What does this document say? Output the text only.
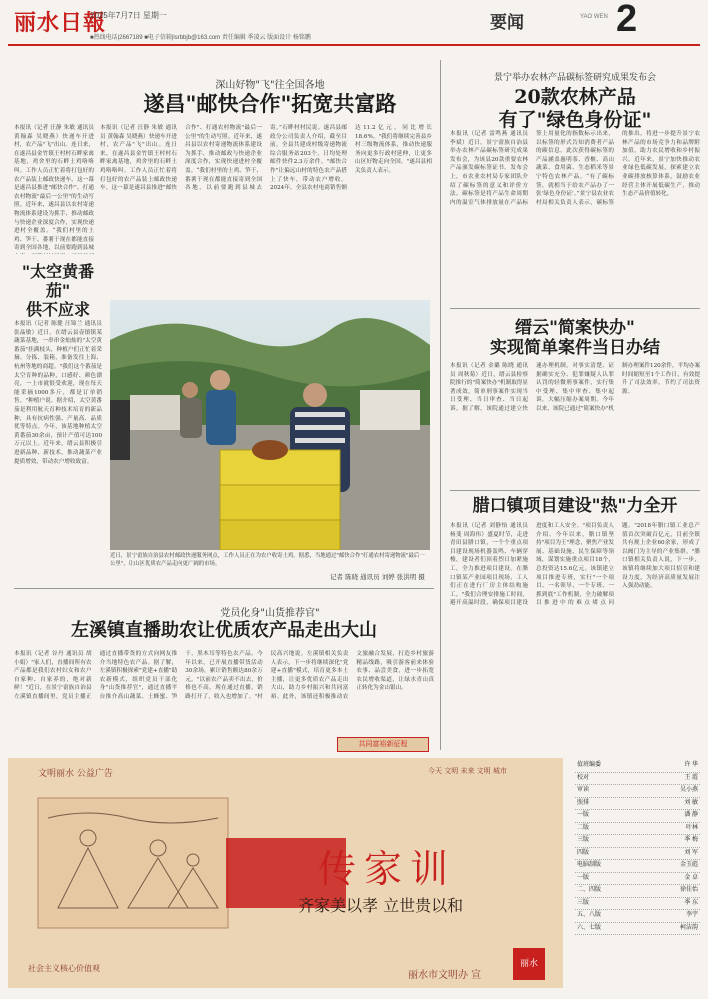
丽水日報
2025年7月7日 星期一	要闻	YAO WEN 2
■热线电话|2667189 ■电子信箱|lsrbbjb@163.com 责任编辑 季凌云 版面设计 杨铭鹏
深山好物"飞"往全国各地
遂昌"邮快合作"拓宽共富路
本报讯（记者 汪静 朱敏 通讯员 黄翰森 吴晓燕）快递车开进村，农产品"飞"出山。连日来，在遂昌县金竹镇王村村石畔家禽基地，鸡舍里的石畔土鸡咯咯叫。工作人员正忙着将打包好的农产品装上邮政快递车。这一幕是遂昌县推进"邮快合作"、打通农村物流"最后一公里"的生动写照。近年来，遂昌县以农村寄递物流体系建设为抓手，推动邮政与快递企业深度合作，实现快递进村全覆盖。“我们村里的土鸡、笋干、番薯干现在都能直接寄到全国各地，以前要跑到县城去寄。”石畔村村民说。遂昌县邮政分公司负责人介绍，截至目前，全县共建成村级寄递物流综合服务站203个，日均处理邮件快件2.3万余件。"邮快合作"让偏远山村的特色农产品搭上了快车，带动农户增收。2024年，全县农村电商销售额达11.2亿元，同比增长18.6%。"我们将继续完善县乡村三级物流体系，推动快递服务向更多行政村延伸，让更多山区好物走向全国。"遂昌县相关负责人表示。
"太空黄番茄"
供不应求
本报讯（记者 陈健 汪锦兰 通讯员 张晶敏）近日，在缙云县壶镇镇某蔬菜基地，一串串金灿灿的"太空黄番茄"挂满枝头，种植户们正忙着采摘、分拣、装箱，准备发往上海、杭州等地的商超。"我们这个番茄是太空育种的品种，口感好、颜色漂亮，一上市就很受欢迎，现在每天能采摘1000多斤，都是订单销售。"种植户说。据介绍，太空黄番茄是利用航天育种技术培育的新品种，具有抗病性强、产量高、品质优等特点。今年，该基地种植太空黄番茄30余亩，预计产值可达100万元以上。近年来，缙云县积极引进新品种、新技术，推动蔬菜产业提质增效，带动农户增收致富。
本报讯（记者 汪静 朱敏 通讯员 黄翰森 吴晓燕）快递车开进村，农产品"飞"出山。连日来，在遂昌县金竹镇王村村石畔家禽基地，鸡舍里的石畔土鸡咯咯叫。工作人员正忙着将打包好的农产品装上邮政快递车。这一幕是遂昌县推进"邮快合作"、打通农村物流"最后一公里"的生动写照。近年来，遂昌县以农村寄递物流体系建设为抓手，推动邮政与快递企业深度合作，实现快递进村全覆盖。“我们村里的土鸡、笋干、番薯干现在都能直接寄到全国各地，以前要跑到县城
近日，景宁畲族自治县农村邮政快递服务网点，工作人员正在为农户收寄土鸡。据悉，当地通过"邮快合作"打通农村寄递物流"最后一公里"，让山区优质农产品走向更广阔的市场。
记者 陈晓 通讯员 刘婷 张洪明 摄
党员化身"山货推荐官"
左溪镇直播助农让优质农产品走出大山
本报讯（记者 谷丹 通讯员 胡小娟）"家人们，直播间所有农产品都是我们农村妇女和农户自家种、自家养的，绝对新鲜！"近日，在景宁畲族自治县左溪镇直播间里，党员主播正通过直播带货的方式向网友推介当地特色农产品。据了解，左溪镇积极探索"党建+直播"助农新模式，组织党员干部化身"山货推荐官"，通过直播平台推介高山蔬菜、土蜂蜜、笋干、黑木耳等特色农产品。今年以来，已开展直播带货活动30余场，累计销售额达80余万元。"以前农产品卖不出去，价格也不高，现在通过直播，销路打开了，收入也增加了。"村民高兴地说。左溪镇相关负责人表示，下一步将继续深化"党建+直播"模式，培育更多本土主播，让更多优质农产品走出大山，助力乡村振兴和共同富裕。此外，该镇还积极推动农文旅融合发展，打造乡村旅游精品线路，吸引游客前来体验农事、品尝美食，进一步拓宽农民增收渠道，让绿水青山真正转化为金山银山。
共同富裕新征程
景宁举办农林产品碳标签研究成果发布会
20款农林产品
有了"绿色身份证"
本报讯（记者 雷鸣燕 通讯员 李斌）近日，景宁畲族自治县举办农林产品碳标签研究成果发布会，为该县20款重要农林产品颁发碳标签证书。发布会上，市农业农村局专家团队介绍了碳标签的意义和评价方法。碳标签是将产品生命周期内的温室气体排放量在产品标签上用量化的指数标示出来，以标签的形式告知消费者产品的碳信息。此次获得碳标签的产品涵盖惠明茶、香榧、高山蔬菜、食用菌、生态稻米等景宁特色农林产品。“有了碳标签，就相当于给农产品办了一张'绿色身份证'。”景宁县农业农村局相关负责人表示，碳标签的推出，将进一步提升景宁农林产品的市场竞争力和品牌附加值，助力农民增收和乡村振兴。近年来，景宁加快推动农业绿色低碳发展，探索建立农业碳排放核算体系，鼓励农业经营主体开展低碳生产，推动生态产品价值转化。
缙云"简案快办"
实现简单案件当日办结
本报讯（记者 金璐 陈晓 通讯员 周秋菊）近日，缙云县检察院推行的"简案快办"机制取得显著成效，简单刑事案件实现当日受理、当日审查、当日起诉。据了解，该院通过建立快速办理机制，对事实清楚、证据确实充分、犯罪嫌疑人认罪认罚的轻微刑事案件，实行集中受理、集中审查、集中起诉，大幅压缩办案周期。今年以来，该院已通过"简案快办"机制办理案件120余件，平均办案时间缩短至1个工作日，有效提升了司法效率，节约了司法资源。
腊口镇项目建设"热"力全开
本报讯（记者 刘静怡 通讯员 杨斐 周海伟）盛夏时节，走进青田县腊口镇，一个个重点项目建设现场机器轰鸣、车辆穿梭，建设者们顶着烈日加紧施工，全力推进项目建设。在腊口镇某产业园项目现场，工人们正在进行厂房主体结构施工。"我们合理安排施工时间，避开高温时段，确保项目建设进度和工人安全。"项目负责人介绍。今年以来，腊口镇坚持"项目为王"理念，聚焦产业发展、基础设施、民生保障等领域，谋划实施重点项目18个，总投资达15.6亿元。该镇建立项目推进专班，实行"一个项目、一名领导、一个专班、一抓到底"工作机制，全力破解项目推进中的难点堵点问题。"2018年腊口镇工业总产值首次突破百亿元，目前全镇共有规上企业60余家，形成了以阀门为主导的产业集群。"腊口镇相关负责人说，下一步，该镇将继续加大项目招引和建设力度，为经济高质量发展注入强劲动能。
文明丽水 公益广告	今天 文明 未来 文明 城市
传家训
齐家美以孝 立世贵以和
社会主义核心价值观
丽水市文明办 宣
丽水
值班编委	许 华
校对	王 霞
审读	吴小燕
照排	刘 敏
一版	潘 静
二版	叶林
三版	季 梅
四版	刘 军
电脑制版	金玉彪
一版	金 卓
二、四版	徐佳怡
三版	季 东
五、八版	李宇
六、七版	柯洁韵
